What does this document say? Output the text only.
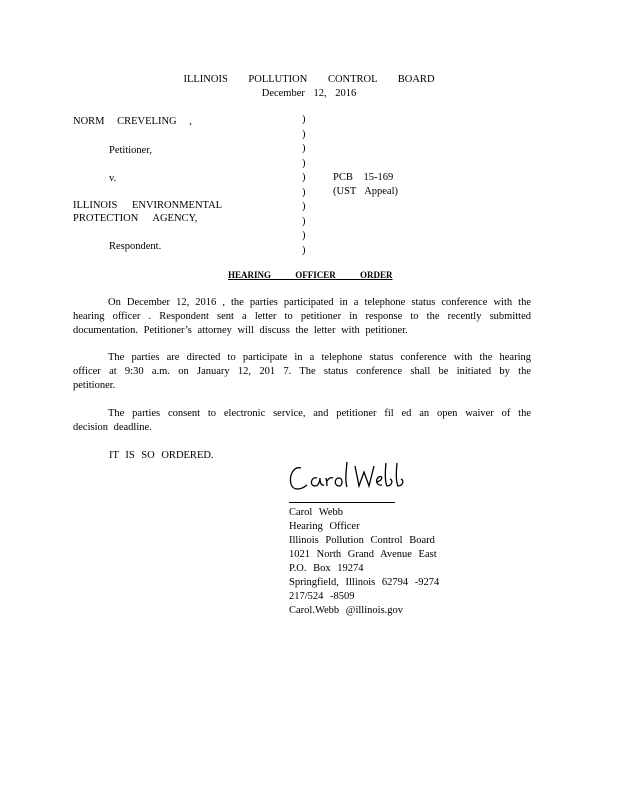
ILLINOIS POLLUTION CONTROL BOARD
December 12, 2016
NORM CREVELING ,
Petitioner,
v.
ILLINOIS ENVIRONMENTAL
PROTECTION AGENCY,
Respondent.
)
)
)
)
)
)
)
)
)
)
PCB 15-169
(UST Appeal)
HEARING OFFICER ORDER
On December 12, 2016 , the parties participated in a telephone status conference with the hearing officer . Respondent sent a letter to petitioner in response to the recently submitted documentation. Petitioner’s attorney will discuss the letter with petitioner.
The parties are directed to participate in a telephone status conference with the hearing officer at 9:30 a.m. on January 12, 201 7. The status conference shall be initiated by the petitioner.
The parties consent to electronic service, and petitioner fil ed an open waiver of the decision deadline.
IT IS SO ORDERED.
Carol Webb
Hearing Officer
Illinois Pollution Control Board
1021 North Grand Avenue East
P.O. Box 19274
Springfield, Illinois 62794 -9274
217/524 -8509
Carol.Webb @illinois.gov
